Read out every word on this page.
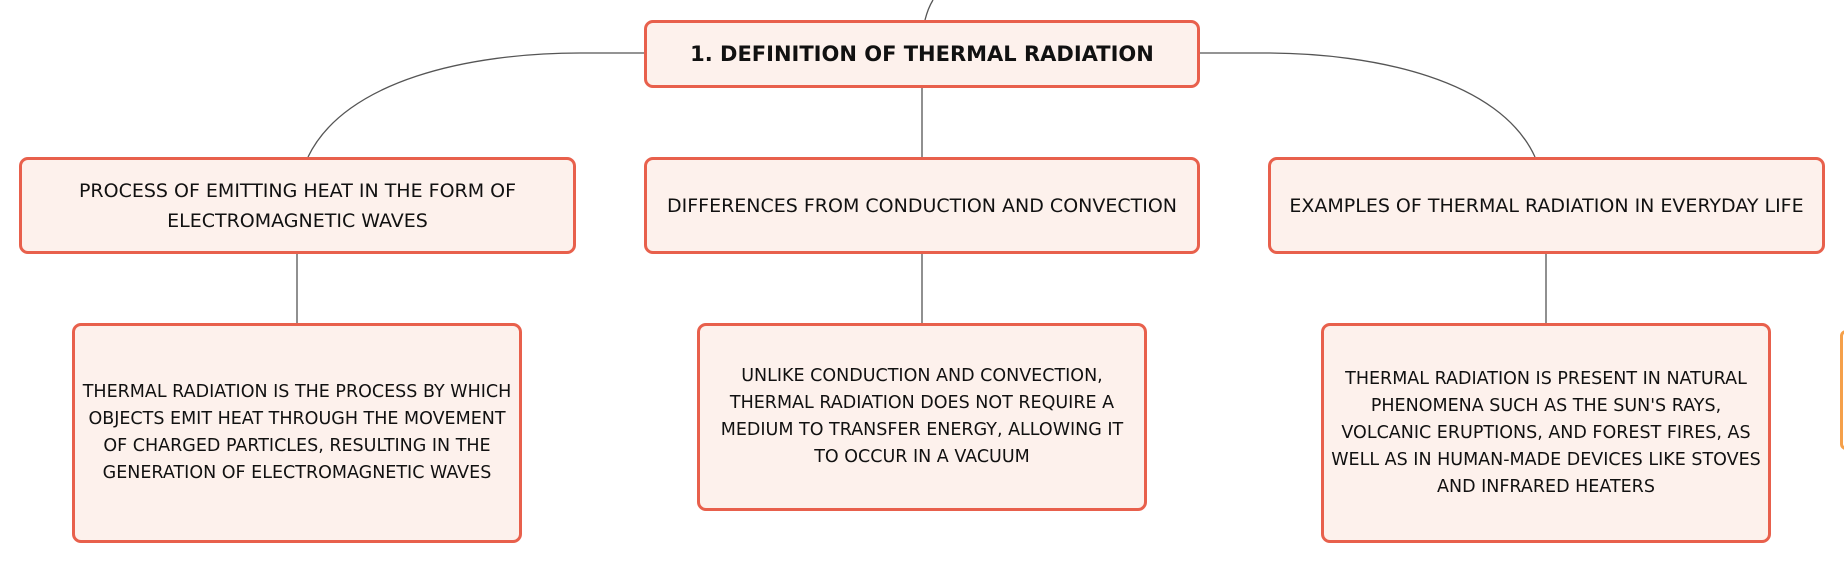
1. DEFINITION OF THERMAL RADIATION
PROCESS OF EMITTING HEAT IN THE FORM OF ELECTROMAGNETIC WAVES
DIFFERENCES FROM CONDUCTION AND CONVECTION	EXAMPLES OF THERMAL RADIATION IN EVERYDAY LIFE
THERMAL RADIATION IS THE PROCESS BY WHICH OBJECTS EMIT HEAT THROUGH THE MOVEMENT OF CHARGED PARTICLES, RESULTING IN THE GENERATION OF ELECTROMAGNETIC WAVES
UNLIKE CONDUCTION AND CONVECTION, THERMAL RADIATION DOES NOT REQUIRE A MEDIUM TO TRANSFER ENERGY, ALLOWING IT TO OCCUR IN A VACUUM
THERMAL RADIATION IS PRESENT IN NATURAL PHENOMENA SUCH AS THE SUN'S RAYS, VOLCANIC ERUPTIONS, AND FOREST FIRES, AS WELL AS IN HUMAN-MADE DEVICES LIKE STOVES AND INFRARED HEATERS
